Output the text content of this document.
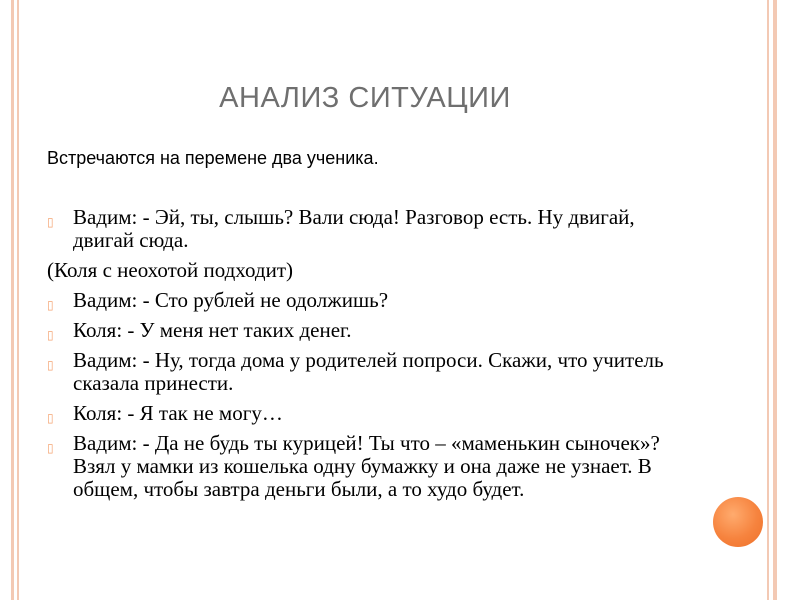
АНАЛИЗ СИТУАЦИИ
Встречаются на перемене два ученика.
▯ Вадим: - Эй, ты, слышь? Вали сюда! Разговор есть. Ну двигай, двигай сюда.
(Коля с неохотой подходит)
▯ Вадим: - Сто рублей не одолжишь?
▯ Коля: - У меня нет таких денег.
▯ Вадим: - Ну, тогда дома у родителей попроси. Скажи, что учитель сказала принести.
▯ Коля: - Я так не могу…
▯ Вадим: - Да не будь ты курицей! Ты что – «маменькин сыночек»? Взял у мамки из кошелька одну бумажку и она даже не узнает. В общем, чтобы завтра деньги были, а то худо будет.
